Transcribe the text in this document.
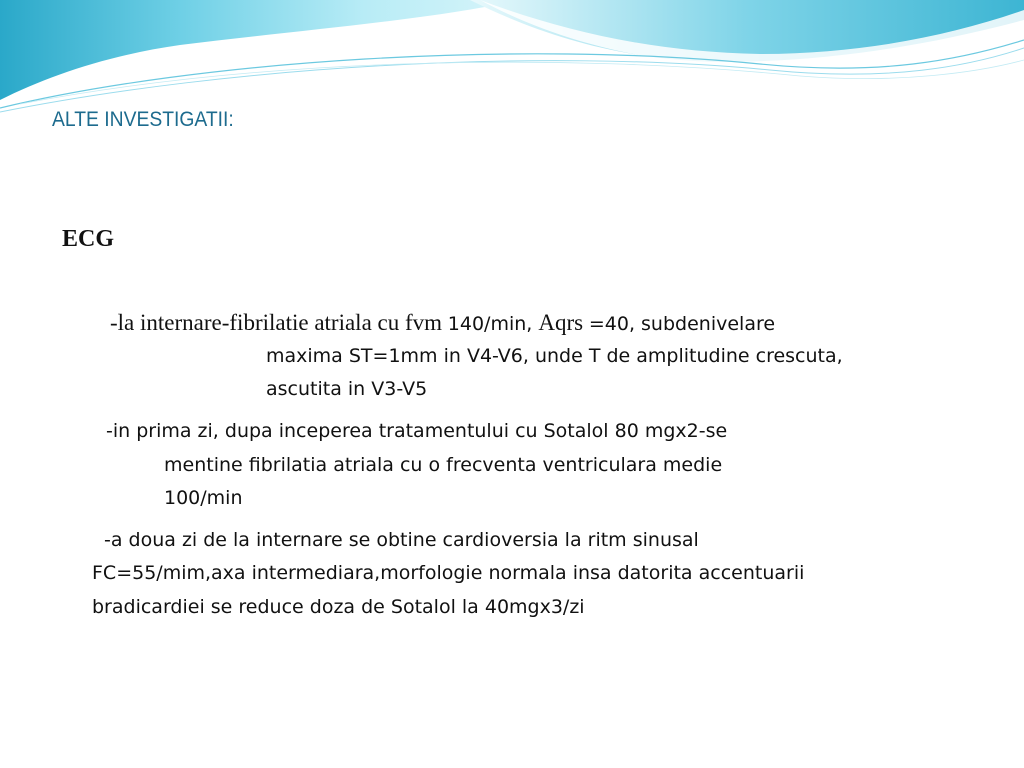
ALTE INVESTIGATII:
ECG

-la internare-fibrilatie atriala cu fvm 140/min, Aqrs =40, subdenivelare

maxima ST=1mm in V4-V6, unde T de amplitudine crescuta,

ascutita in V3-V5

-in prima zi, dupa inceperea tratamentului cu Sotalol 80 mgx2-se

mentine fibrilatia atriala cu o frecventa ventriculara medie

100/min

-a doua zi de la internare se obtine cardioversia la ritm sinusal

FC=55/mim,axa intermediara,morfologie normala insa datorita accentuarii

bradicardiei se reduce doza de Sotalol la 40mgx3/zi
